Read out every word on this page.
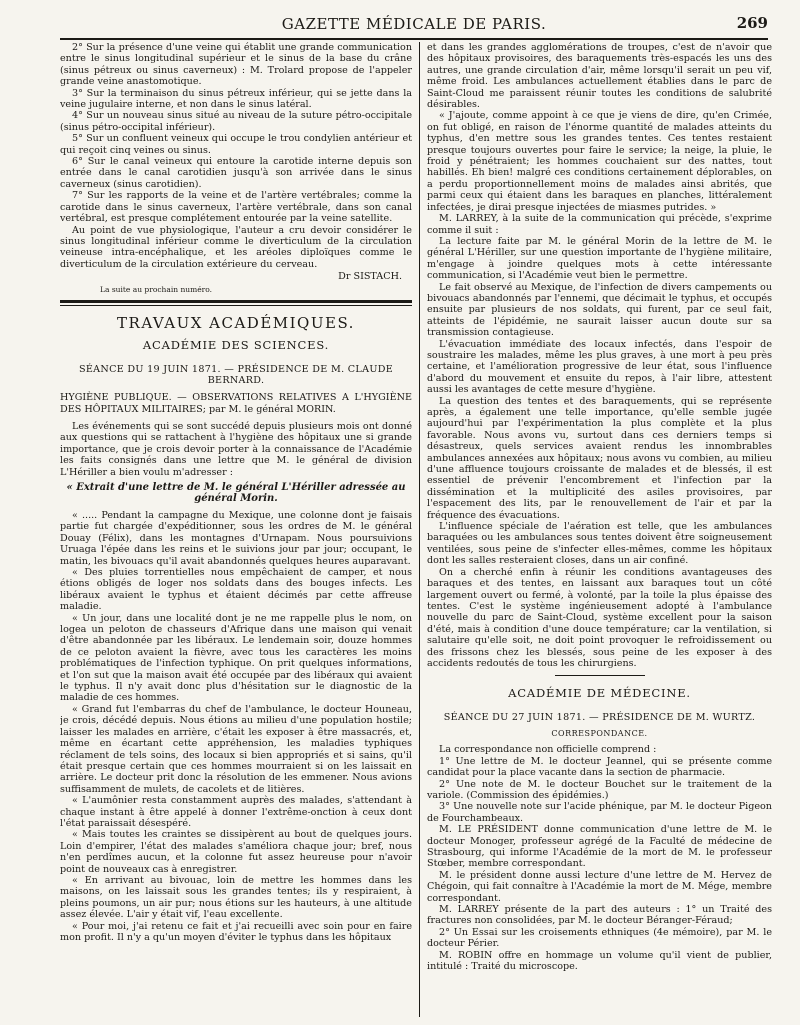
GAZETTE MÉDICALE DE PARIS.	269

2° Sur la présence d'une veine qui établit une grande communication entre le sinus longitudinal supérieur et le sinus de la base du crâne (sinus pétreux ou sinus caverneux) : M. Trolard propose de l'appeler grande veine anastomotique.

3° Sur la terminaison du sinus pétreux inférieur, qui se jette dans la veine jugulaire interne, et non dans le sinus latéral.

4° Sur un nouveau sinus situé au niveau de la suture pétro-occipitale (sinus pétro-occipital inférieur).

5° Sur un confluent veineux qui occupe le trou condylien antérieur et qui reçoit cinq veines ou sinus.

6° Sur le canal veineux qui entoure la carotide interne depuis son entrée dans le canal carotidien jusqu'à son arrivée dans le sinus caverneux (sinus carotidien).

7° Sur les rapports de la veine et de l'artère vertébrales; comme la carotide dans le sinus caverneux, l'artère vertébrale, dans son canal vertébral, est presque complétement entourée par la veine satellite.

Au point de vue physiologique, l'auteur a cru devoir considérer le sinus longitudinal inférieur comme le diverticulum de la circulation veineuse intra-encéphalique, et les aréoles diploïques comme le diverticulum de la circulation extérieure du cerveau.

Dr SISTACH.
La suite au prochain numéro.
TRAVAUX ACADÉMIQUES.
ACADÉMIE DES SCIENCES.
SÉANCE DU 19 JUIN 1871. — PRÉSIDENCE DE M. CLAUDE BERNARD.

HYGIÈNE PUBLIQUE. — OBSERVATIONS RELATIVES A L'HYGIÈNE DES HÔPITAUX MILITAIRES; par M. le général MORIN.

Les événements qui se sont succédé depuis plusieurs mois ont donné aux questions qui se rattachent à l'hygiène des hôpitaux une si grande importance, que je crois devoir porter à la connaissance de l'Académie les faits consignés dans une lettre que M. le général de division L'Hériller a bien voulu m'adresser :

« Extrait d'une lettre de M. le général L'Hériller adressée au général Morin.

« ..... Pendant la campagne du Mexique, une colonne dont je faisais partie fut chargée d'expéditionner, sous les ordres de M. le général Douay (Félix), dans les montagnes d'Urnapam. Nous poursuivions Uruaga l'épée dans les reins et le suivions jour par jour; occupant, le matin, les bivouacs qu'il avait abandonnés quelques heures auparavant.

« Des pluies torrentielles nous empêchaient de camper, et nous étions obligés de loger nos soldats dans des bouges infects. Les libéraux avaient le typhus et étaient décimés par cette affreuse maladie.

« Un jour, dans une localité dont je ne me rappelle plus le nom, on logea un peloton de chasseurs d'Afrique dans une maison qui venait d'être abandonnée par les libéraux. Le lendemain soir, douze hommes de ce peloton avaient la fièvre, avec tous les caractères les moins problématiques de l'infection typhique. On prit quelques informations, et l'on sut que la maison avait été occupée par des libéraux qui avaient le typhus. Il n'y avait donc plus d'hésitation sur le diagnostic de la maladie de ces hommes.

« Grand fut l'embarras du chef de l'ambulance, le docteur Houneau, je crois, décédé depuis. Nous étions au milieu d'une population hostile; laisser les malades en arrière, c'était les exposer à être massacrés, et, même en écartant cette appréhension, les maladies typhiques réclament de tels soins, des locaux si bien appropriés et si sains, qu'il était presque certain que ces hommes mourraient si on les laissait en arrière. Le docteur prit donc la résolution de les emmener. Nous avions suffisamment de mulets, de cacolets et de litières.

« L'aumônier resta constamment auprès des malades, s'attendant à chaque instant à être appelé à donner l'extrême-onction à ceux dont l'état paraissait désespéré.

« Mais toutes les craintes se dissipèrent au bout de quelques jours. Loin d'empirer, l'état des malades s'améliora chaque jour; bref, nous n'en perdîmes aucun, et la colonne fut assez heureuse pour n'avoir point de nouveaux cas à enregistrer.

« En arrivant au bivouac, loin de mettre les hommes dans les maisons, on les laissait sous les grandes tentes; ils y respiraient, à pleins poumons, un air pur; nous étions sur les hauteurs, à une altitude assez élevée. L'air y était vif, l'eau excellente.

« Pour moi, j'ai retenu ce fait et j'ai recueilli avec soin pour en faire mon profit. Il n'y a qu'un moyen d'éviter le typhus dans les hôpitaux

et dans les grandes agglomérations de troupes, c'est de n'avoir que des hôpitaux provisoires, des baraquements très-espacés les uns des autres, une grande circulation d'air, même lorsqu'il serait un peu vif, même froid. Les ambulances actuellement établies dans le parc de Saint-Cloud me paraissent réunir toutes les conditions de salubrité désirables.

« J'ajoute, comme appoint à ce que je viens de dire, qu'en Crimée, on fut obligé, en raison de l'énorme quantité de malades atteints du typhus, d'en mettre sous les grandes tentes. Ces tentes restaient presque toujours ouvertes pour faire le service; la neige, la pluie, le froid y pénétraient; les hommes couchaient sur des nattes, tout habillés. Eh bien! malgré ces conditions certainement déplorables, on a perdu proportionnellement moins de malades ainsi abrités, que parmi ceux qui étaient dans les baraques en planches, littéralement infectées, je dirai presque injectées de miasmes putrides. »

M. LARREY, à la suite de la communication qui précède, s'exprime comme il suit :

La lecture faite par M. le général Morin de la lettre de M. le général L'Hériller, sur une question importante de l'hygiène militaire, m'engage à joindre quelques mots à cette intéressante communication, si l'Académie veut bien le permettre.

Le fait observé au Mexique, de l'infection de divers campements ou bivouacs abandonnés par l'ennemi, que décimait le typhus, et occupés ensuite par plusieurs de nos soldats, qui furent, par ce seul fait, atteints de l'épidémie, ne saurait laisser aucun doute sur sa transmission contagieuse.

L'évacuation immédiate des locaux infectés, dans l'espoir de soustraire les malades, même les plus graves, à une mort à peu près certaine, et l'amélioration progressive de leur état, sous l'influence d'abord du mouvement et ensuite du repos, à l'air libre, attestent aussi les avantages de cette mesure d'hygiène.

La question des tentes et des baraquements, qui se représente après, a également une telle importance, qu'elle semble jugée aujourd'hui par l'expérimentation la plus complète et la plus favorable. Nous avons vu, surtout dans ces derniers temps si désastreux, quels services avaient rendus les innombrables ambulances annexées aux hôpitaux; nous avons vu combien, au milieu d'une affluence toujours croissante de malades et de blessés, il est essentiel de prévenir l'encombrement et l'infection par la dissémination et la multiplicité des asiles provisoires, par l'espacement des lits, par le renouvellement de l'air et par la fréquence des évacuations.

L'influence spéciale de l'aération est telle, que les ambulances baraquées ou les ambulances sous tentes doivent être soigneusement ventilées, sous peine de s'infecter elles-mêmes, comme les hôpitaux dont les salles resteraient closes, dans un air confiné.

On a cherché enfin à réunir les conditions avantageuses des baraques et des tentes, en laissant aux baraques tout un côté largement ouvert ou fermé, à volonté, par la toile la plus épaisse des tentes. C'est le système ingénieusement adopté à l'ambulance nouvelle du parc de Saint-Cloud, système excellent pour la saison d'été, mais à condition d'une douce température; car la ventilation, si salutaire qu'elle soit, ne doit point provoquer le refroidissement ou des frissons chez les blessés, sous peine de les exposer à des accidents redoutés de tous les chirurgiens.

ACADÉMIE DE MÉDECINE.
SÉANCE DU 27 JUIN 1871. — PRÉSIDENCE DE M. WURTZ.
CORRESPONDANCE.

La correspondance non officielle comprend :

1° Une lettre de M. le docteur Jeannel, qui se présente comme candidat pour la place vacante dans la section de pharmacie.

2° Une note de M. le docteur Bouchet sur le traitement de la variole. (Commission des épidémies.)

3° Une nouvelle note sur l'acide phénique, par M. le docteur Pigeon de Fourchambeaux.

M. LE PRÉSIDENT donne communication d'une lettre de M. le docteur Monoger, professeur agrégé de la Faculté de médecine de Strasbourg, qui informe l'Académie de la mort de M. le professeur Stœber, membre correspondant.

M. le président donne aussi lecture d'une lettre de M. Hervez de Chégoin, qui fait connaître à l'Académie la mort de M. Mége, membre correspondant.

M. LARREY présente de la part des auteurs : 1° un Traité des fractures non consolidées, par M. le docteur Béranger-Féraud;

2° Un Essai sur les croisements ethniques (4e mémoire), par M. le docteur Périer.

M. ROBIN offre en hommage un volume qu'il vient de publier, intitulé : Traité du microscope.
